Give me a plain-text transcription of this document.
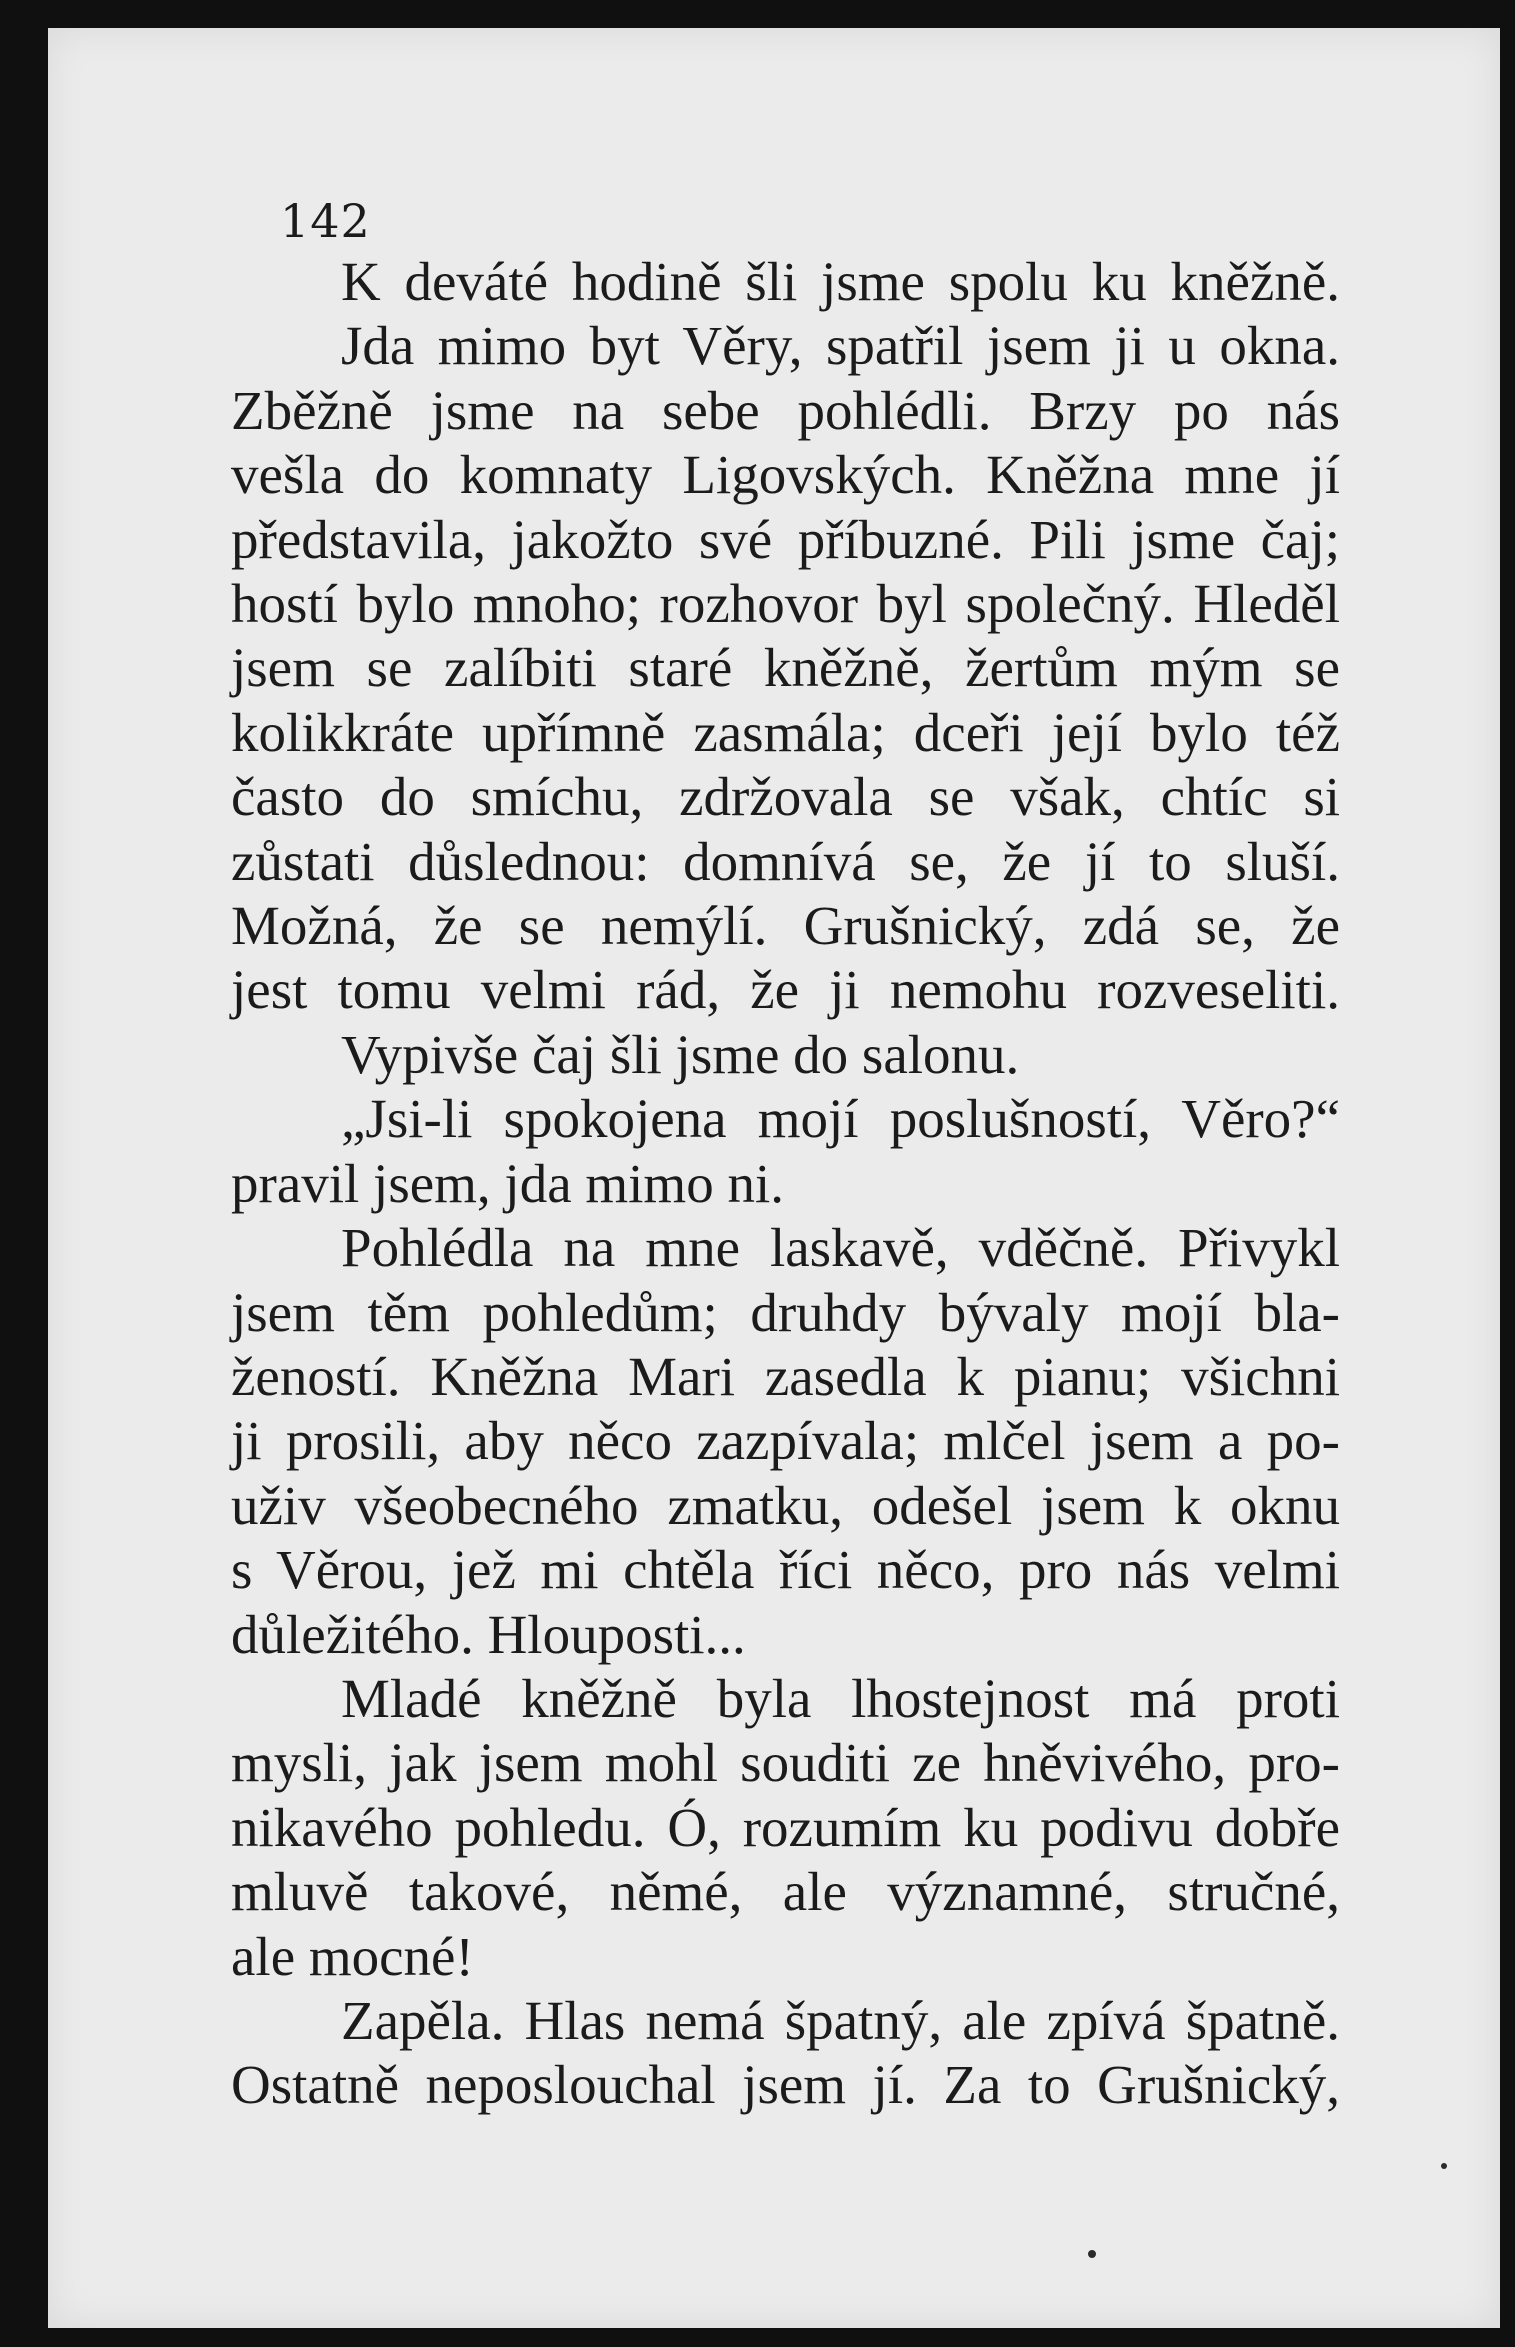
142
K deváté hodině šli jsme spolu ku kněžně.
Jda mimo byt Věry, spatřil jsem ji u okna.
Zběžně jsme na sebe pohlédli. Brzy po nás
vešla do komnaty Ligovských. Kněžna mne jí
představila, jakožto své příbuzné. Pili jsme čaj;
hostí bylo mnoho; rozhovor byl společný. Hleděl
jsem se zalíbiti staré kněžně, žertům mým se
kolikkráte upřímně zasmála; dceři její bylo též
často do smíchu, zdržovala se však, chtíc si
zůstati důslednou: domnívá se, že jí to sluší.
Možná, že se nemýlí. Grušnický, zdá se, že
jest tomu velmi rád, že ji nemohu rozveseliti.
Vypivše čaj šli jsme do salonu.
„Jsi-li spokojena mojí poslušností, Věro?“
pravil jsem, jda mimo ni.
Pohlédla na mne laskavě, vděčně. Přivykl
jsem těm pohledům; druhdy bývaly mojí bla-
žeností. Kněžna Mari zasedla k pianu; všichni
ji prosili, aby něco zazpívala; mlčel jsem a po-
uživ všeobecného zmatku, odešel jsem k oknu
s Věrou, jež mi chtěla říci něco, pro nás velmi
důležitého. Hlouposti...
Mladé kněžně byla lhostejnost má proti
mysli, jak jsem mohl souditi ze hněvivého, pro-
nikavého pohledu. Ó, rozumím ku podivu dobře
mluvě takové, němé, ale významné, stručné,
ale mocné!
Zapěla. Hlas nemá špatný, ale zpívá špatně.
Ostatně neposlouchal jsem jí. Za to Grušnický,
